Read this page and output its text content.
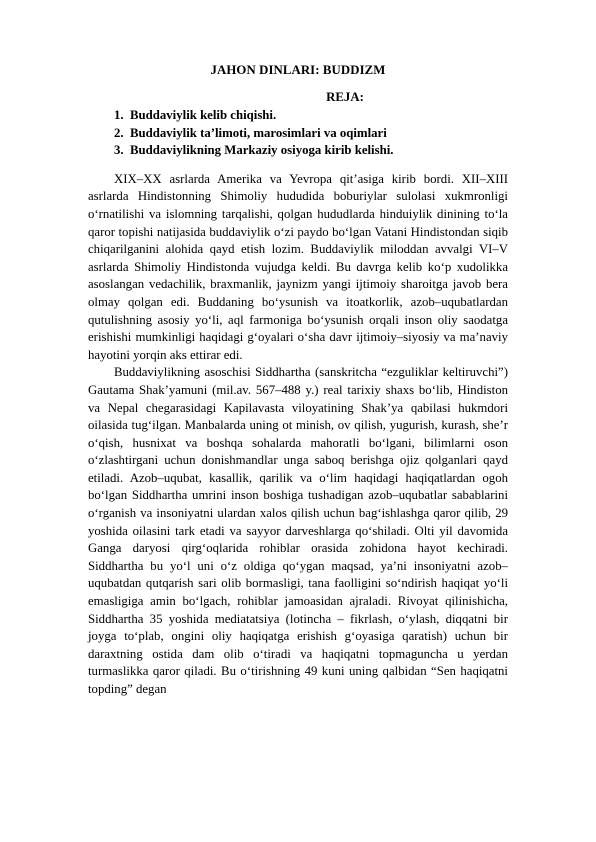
JAHON DINLARI: BUDDIZM
REJA:
1. Buddaviylik kelib chiqishi.
2. Buddaviylik ta’limoti, marosimlari va oqimlari
3. Buddaviylikning Markaziy osiyoga kirib kelishi.

XIX–XX asrlarda Amerika va Yevropa qit’asiga kirib bordi. XII–XIII asrlarda Hindistonning Shimoliy hududida boburiylar sulolasi xukmronligi o‘rnatilishi va islomning tarqalishi, qolgan hududlarda hinduiylik dinining to‘la qaror topishi natijasida buddaviylik o‘zi paydo bo‘lgan Vatani Hindistondan siqib chiqarilganini alohida qayd etish lozim. Buddaviylik miloddan avvalgi VI–V asrlarda Shimoliy Hindistonda vujudga keldi. Bu davrga kelib ko‘p xudolikka asoslangan vedachilik, braxmanlik, jaynizm yangi ijtimoiy sharoitga javob bera olmay qolgan edi. Buddaning bo‘ysunish va itoatkorlik, azob–uqubatlardan qutulishning asosiy yo‘li, aql farmoniga bo‘ysunish orqali inson oliy saodatga erishishi mumkinligi haqidagi g‘oyalari o‘sha davr ijtimoiy–siyosiy va ma’naviy hayotini yorqin aks ettirar edi.

Buddaviylikning asoschisi Siddhartha (sanskritcha “ezguliklar keltiruvchi”) Gautama Shak’yamuni (mil.av. 567–488 y.) real tarixiy shaxs bo‘lib, Hindiston va Nepal chegarasidagi Kapilavasta viloyatining Shak’ya qabilasi hukmdori oilasida tug‘ilgan. Manbalarda uning ot minish, ov qilish, yugurish, kurash, she’r o‘qish, husnixat va boshqa sohalarda mahoratli bo‘lgani, bilimlarni oson o‘zlashtirgani uchun donishmandlar unga saboq berishga ojiz qolganlari qayd etiladi. Azob–uqubat, kasallik, qarilik va o‘lim haqidagi haqiqatlardan ogoh bo‘lgan Siddhartha umrini inson boshiga tushadigan azob–uqubatlar sabablarini o‘rganish va insoniyatni ulardan xalos qilish uchun bag‘ishlashga qaror qilib, 29 yoshida oilasini tark etadi va sayyor darveshlarga qo‘shiladi. Olti yil davomida Ganga daryosi qirg‘oqlarida rohiblar orasida zohidona hayot kechiradi. Siddhartha bu yo‘l uni o‘z oldiga qo‘ygan maqsad, ya’ni insoniyatni azob–uqubatdan qutqarish sari olib bormasligi, tana faolligini so‘ndirish haqiqat yo‘li emasligiga amin bo‘lgach, rohiblar jamoasidan ajraladi. Rivoyat qilinishicha, Siddhartha 35 yoshida mediatatsiya (lotincha – fikrlash, o‘ylash, diqqatni bir joyga to‘plab, ongini oliy haqiqatga erishish g‘oyasiga qaratish) uchun bir daraxtning ostida dam olib o‘tiradi va haqiqatni topmaguncha u yerdan turmaslikka qaror qiladi. Bu o‘tirishning 49 kuni uning qalbidan “Sen haqiqatni topding” degan
